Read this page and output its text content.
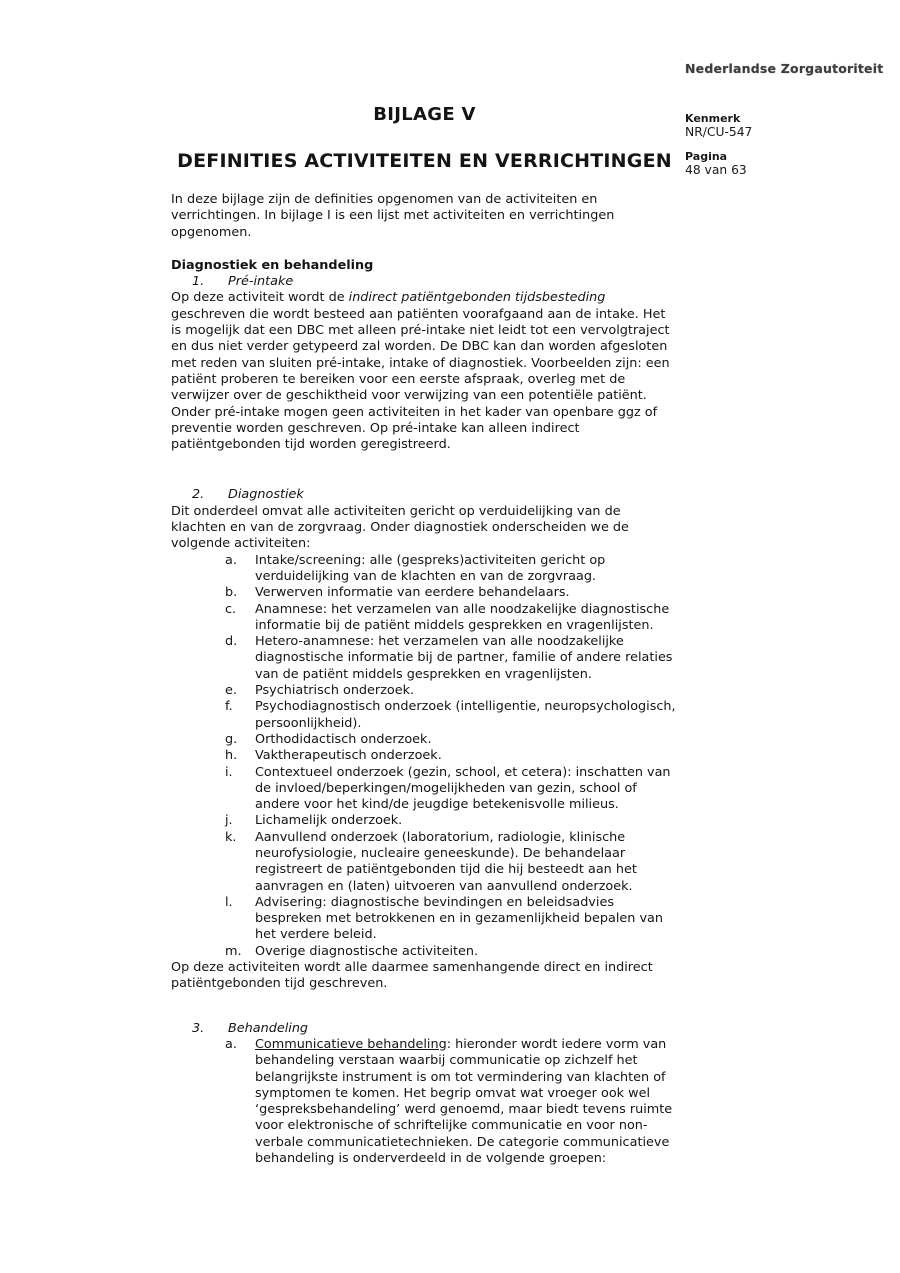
Nederlandse Zorgautoriteit
Kenmerk
NR/CU-547
Pagina
48 van 63
BIJLAGE V
DEFINITIES ACTIVITEITEN EN VERRICHTINGEN

In deze bijlage zijn de definities opgenomen van de activiteiten en verrichtingen. In bijlage I is een lijst met activiteiten en verrichtingen opgenomen.

Diagnostiek en behandeling
1.	Pré-intake

Op deze activiteit wordt de indirect patiëntgebonden tijdsbesteding geschreven die wordt besteed aan patiënten voorafgaand aan de intake. Het is mogelijk dat een DBC met alleen pré-intake niet leidt tot een vervolgtraject en dus niet verder getypeerd zal worden. De DBC kan dan worden afgesloten met reden van sluiten pré-intake, intake of diagnostiek. Voorbeelden zijn: een patiënt proberen te bereiken voor een eerste afspraak, overleg met de verwijzer over de geschiktheid voor verwijzing van een potentiële patiënt. Onder pré-intake mogen geen activiteiten in het kader van openbare ggz of preventie worden geschreven. Op pré-intake kan alleen indirect patiëntgebonden tijd worden geregistreerd.

2.	Diagnostiek

Dit onderdeel omvat alle activiteiten gericht op verduidelijking van de klachten en van de zorgvraag. Onder diagnostiek onderscheiden we de volgende activiteiten:

a.	Intake/screening: alle (gespreks)activiteiten gericht op verduidelijking van de klachten en van de zorgvraag.
b.	Verwerven informatie van eerdere behandelaars.
c.	Anamnese: het verzamelen van alle noodzakelijke diagnostische informatie bij de patiënt middels gesprekken en vragenlijsten.
d.	Hetero-anamnese: het verzamelen van alle noodzakelijke diagnostische informatie bij de partner, familie of andere relaties van de patiënt middels gesprekken en vragenlijsten.
e.	Psychiatrisch onderzoek.
f.	Psychodiagnostisch onderzoek (intelligentie, neuropsychologisch, persoonlijkheid).
g.	Orthodidactisch onderzoek.
h.	Vaktherapeutisch onderzoek.
i.	Contextueel onderzoek (gezin, school, et cetera): inschatten van de invloed/beperkingen/mogelijkheden van gezin, school of andere voor het kind/de jeugdige betekenisvolle milieus.
j.	Lichamelijk onderzoek.
k.	Aanvullend onderzoek (laboratorium, radiologie, klinische neurofysiologie, nucleaire geneeskunde). De behandelaar registreert de patiëntgebonden tijd die hij besteedt aan het aanvragen en (laten) uitvoeren van aanvullend onderzoek.
l.	Advisering: diagnostische bevindingen en beleidsadvies bespreken met betrokkenen en in gezamenlijkheid bepalen van het verdere beleid.
m.	Overige diagnostische activiteiten.

Op deze activiteiten wordt alle daarmee samenhangende direct en indirect patiëntgebonden tijd geschreven.

3.	Behandeling
a.	Communicatieve behandeling: hieronder wordt iedere vorm van behandeling verstaan waarbij communicatie op zichzelf het belangrijkste instrument is om tot vermindering van klachten of symptomen te komen. Het begrip omvat wat vroeger ook wel ‘gespreksbehandeling’ werd genoemd, maar biedt tevens ruimte voor elektronische of schriftelijke communicatie en voor non-verbale communicatietechnieken. De categorie communicatieve behandeling is onderverdeeld in de volgende groepen:
